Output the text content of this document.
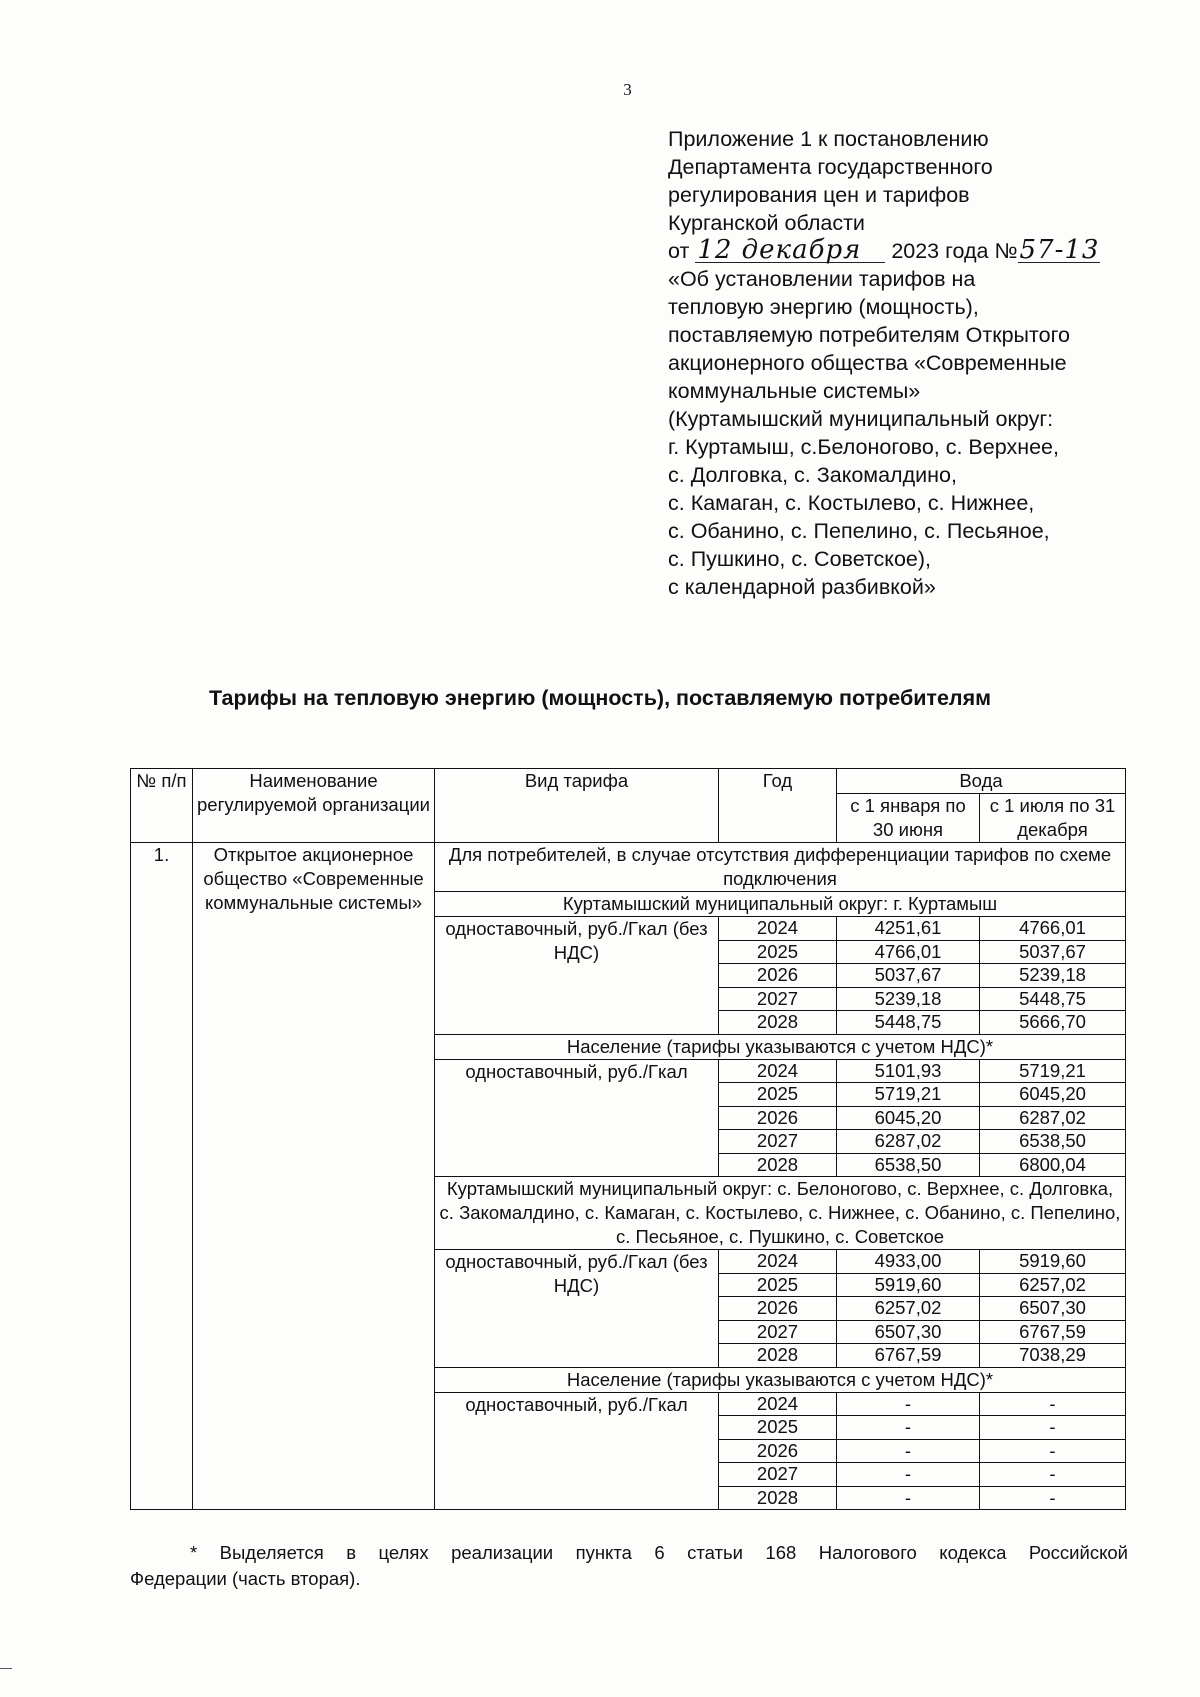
3
Приложение 1 к постановлению
Департамента государственного
регулирования цен и тарифов
Курганской области
от 12 декабря 2023 года №57-13
«Об установлении тарифов на
тепловую энергию (мощность),
поставляемую потребителям Открытого
акционерного общества «Современные
коммунальные системы»
(Куртамышский муниципальный округ:
г. Куртамыш, с.Белоногово, с. Верхнее,
с. Долговка, с. Закомалдино,
с. Камаган, с. Костылево, с. Нижнее,
с. Обанино, с. Пепелино, с. Песьяное,
с. Пушкино, с. Советское),
с календарной разбивкой»
Тарифы на тепловую энергию (мощность), поставляемую потребителям
№ п/п	Наименование регулируемой организации	Вид тарифа	Год	Вода	
				с 1 января по 30 июня	с 1 июля по 31 декабря
1.	Открытое акционерное общество «Современные коммунальные системы»	Для потребителей, в случае отсутствия дифференциации тарифов по схеме подключения			
		Куртамышский муниципальный округ: г. Куртамыш			
		одноставочный, руб./Гкал (без НДС)	2024	4251,61	4766,01
			2025	4766,01	5037,67
			2026	5037,67	5239,18
			2027	5239,18	5448,75
			2028	5448,75	5666,70
		Население (тарифы указываются с учетом НДС)*			
		одноставочный, руб./Гкал	2024	5101,93	5719,21
			2025	5719,21	6045,20
			2026	6045,20	6287,02
			2027	6287,02	6538,50
			2028	6538,50	6800,04
		Куртамышский муниципальный округ: с. Белоногово, с. Верхнее, с. Долговка, с. Закомалдино, с. Камаган, с. Костылево, с. Нижнее, с. Обанино, с. Пепелино, с. Песьяное, с. Пушкино, с. Советское			
		одноставочный, руб./Гкал (без НДС)	2024	4933,00	5919,60
			2025	5919,60	6257,02
			2026	6257,02	6507,30
			2027	6507,30	6767,59
			2028	6767,59	7038,29
		Население (тарифы указываются с учетом НДС)*			
		одноставочный, руб./Гкал	2024	-	-
			2025	-	-
			2026	-	-
			2027	-	-
			2028	-	-
* Выделяется в целях реализации пункта 6 статьи 168 Налогового кодекса Российской
Федерации (часть вторая).
